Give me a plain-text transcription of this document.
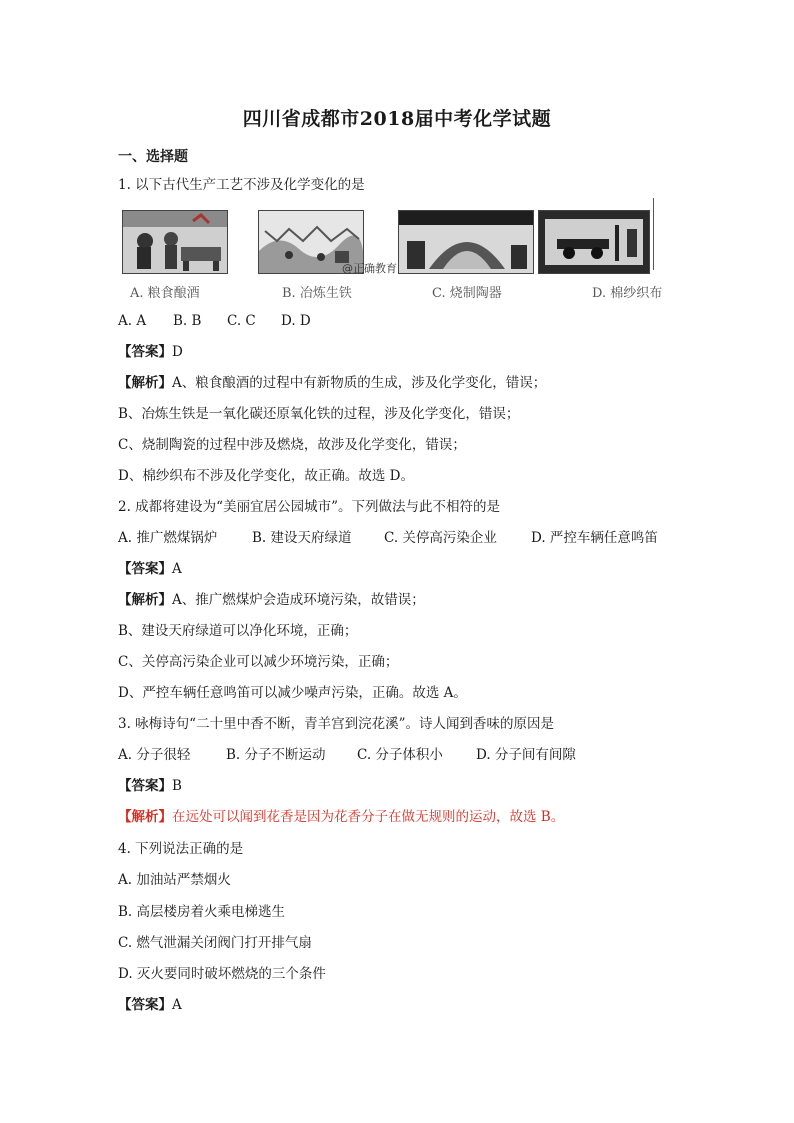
四川省成都市2018届中考化学试题
一、选择题
1. 以下古代生产工艺不涉及化学变化的是
@正确教育
A. 粮食酿酒	B. 冶炼生铁	C. 烧制陶器	D. 棉纱织布
A. A B. B C. C D. D
【答案】D
【解析】A、粮食酿酒的过程中有新物质的生成，涉及化学变化，错误；
B、冶炼生铁是一氧化碳还原氧化铁的过程，涉及化学变化，错误；
C、烧制陶瓷的过程中涉及燃烧，故涉及化学变化，错误；
D、棉纱织布不涉及化学变化，故正确。故选 D。
2. 成都将建设为“美丽宜居公园城市”。下列做法与此不相符的是
A. 推广燃煤锅炉	B. 建设天府绿道 C. 关停高污染企业	D. 严控车辆任意鸣笛
【答案】A
【解析】A、推广燃煤炉会造成环境污染，故错误；
B、建设天府绿道可以净化环境，正确；
C、关停高污染企业可以减少环境污染，正确；
D、严控车辆任意鸣笛可以减少噪声污染，正确。故选 A。
3. 咏梅诗句“二十里中香不断，青羊宫到浣花溪”。诗人闻到香味的原因是
A. 分子很轻	B. 分子不断运动 C. 分子体积小 D. 分子间有间隙
【答案】B
【解析】在远处可以闻到花香是因为花香分子在做无规则的运动，故选 B。
4. 下列说法正确的是
A. 加油站严禁烟火
B. 高层楼房着火乘电梯逃生
C. 燃气泄漏关闭阀门打开排气扇
D. 灭火要同时破坏燃烧的三个条件
【答案】A
